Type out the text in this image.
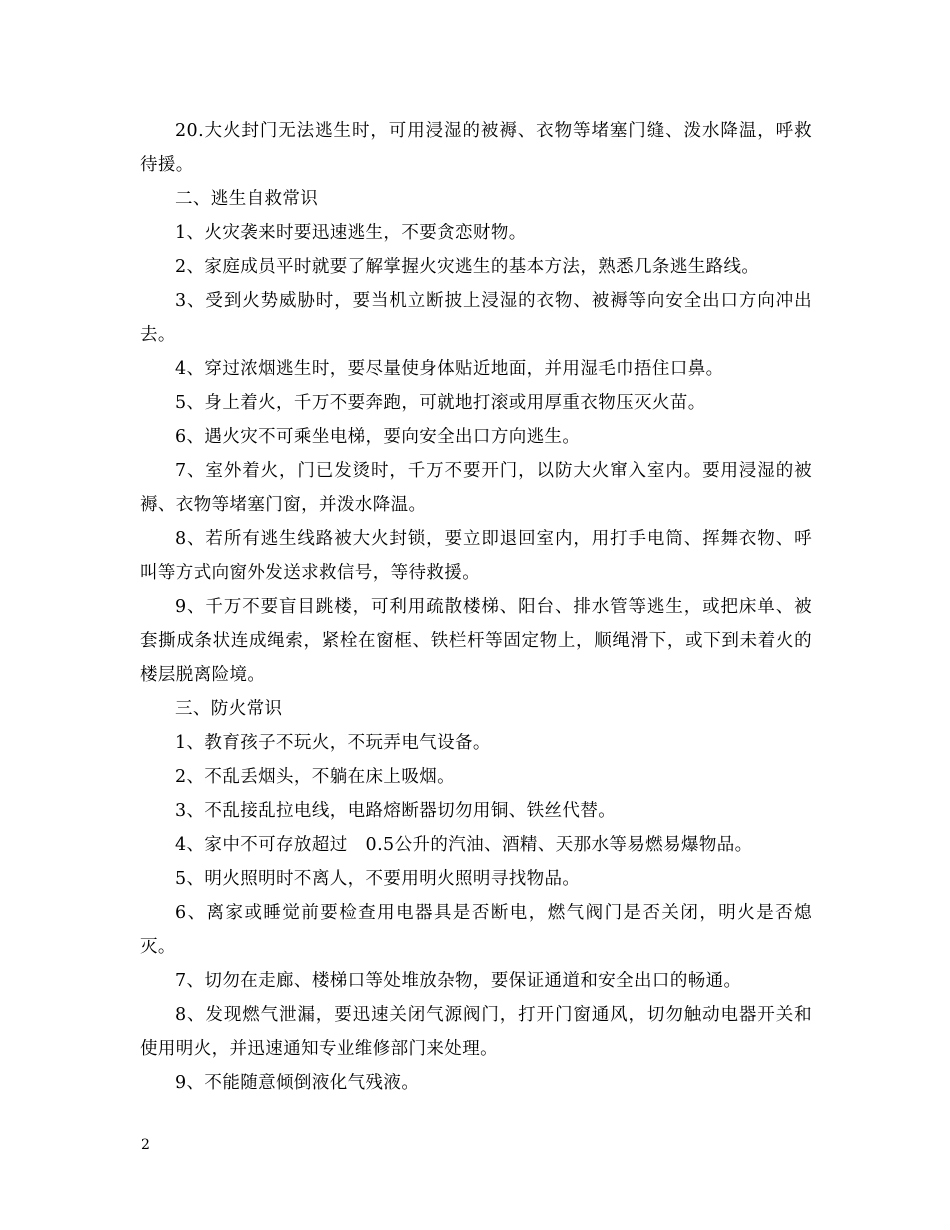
20.大火封门无法逃生时，可用浸湿的被褥、衣物等堵塞门缝、泼水降温，呼救待援。

二、逃生自救常识

1、火灾袭来时要迅速逃生，不要贪恋财物。

2、家庭成员平时就要了解掌握火灾逃生的基本方法，熟悉几条逃生路线。

3、受到火势威胁时，要当机立断披上浸湿的衣物、被褥等向安全出口方向冲出去。

4、穿过浓烟逃生时，要尽量使身体贴近地面，并用湿毛巾捂住口鼻。

5、身上着火，千万不要奔跑，可就地打滚或用厚重衣物压灭火苗。

6、遇火灾不可乘坐电梯，要向安全出口方向逃生。

7、室外着火，门已发烫时，千万不要开门，以防大火窜入室内。要用浸湿的被褥、衣物等堵塞门窗，并泼水降温。

8、若所有逃生线路被大火封锁，要立即退回室内，用打手电筒、挥舞衣物、呼叫等方式向窗外发送求救信号，等待救援。

9、千万不要盲目跳楼，可利用疏散楼梯、阳台、排水管等逃生，或把床单、被套撕成条状连成绳索，紧栓在窗框、铁栏杆等固定物上，顺绳滑下，或下到未着火的楼层脱离险境。

三、防火常识

1、教育孩子不玩火，不玩弄电气设备。

2、不乱丢烟头，不躺在床上吸烟。

3、不乱接乱拉电线，电路熔断器切勿用铜、铁丝代替。

4、家中不可存放超过　0.5公升的汽油、酒精、天那水等易燃易爆物品。

5、明火照明时不离人，不要用明火照明寻找物品。

6、离家或睡觉前要检查用电器具是否断电，燃气阀门是否关闭，明火是否熄灭。

7、切勿在走廊、楼梯口等处堆放杂物，要保证通道和安全出口的畅通。

8、发现燃气泄漏，要迅速关闭气源阀门，打开门窗通风，切勿触动电器开关和使用明火，并迅速通知专业维修部门来处理。

9、不能随意倾倒液化气残液。

2
